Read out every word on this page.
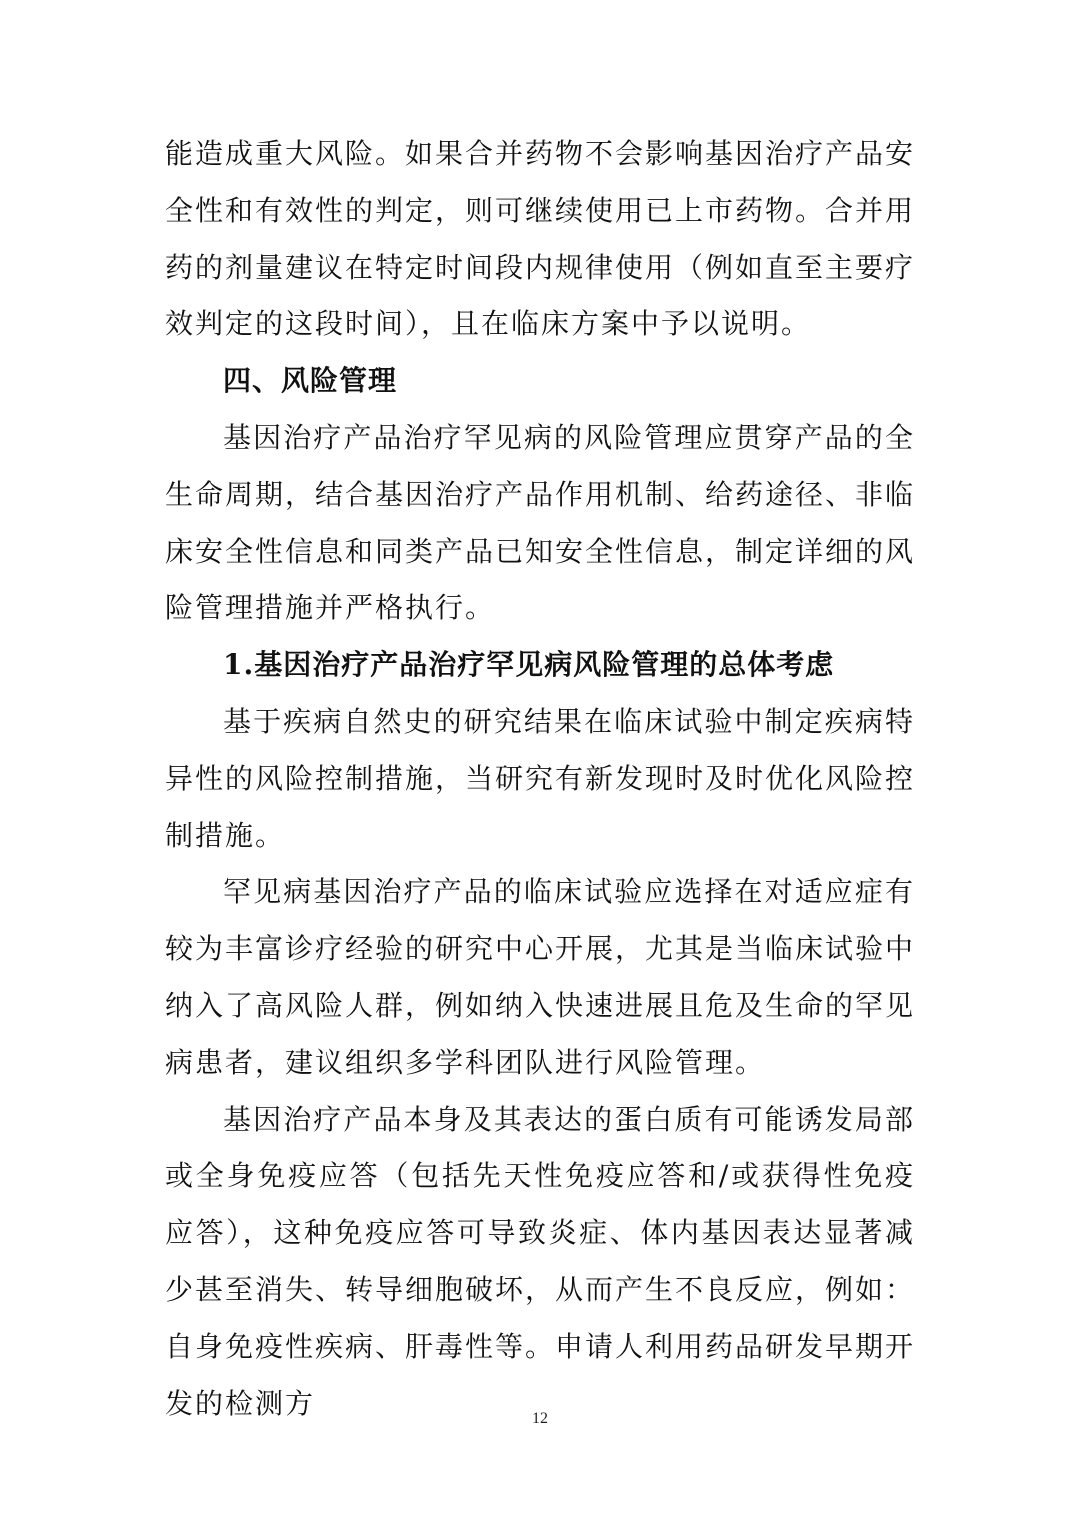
能造成重大风险。如果合并药物不会影响基因治疗产品安全性和有效性的判定，则可继续使用已上市药物。合并用药的剂量建议在特定时间段内规律使用（例如直至主要疗效判定的这段时间），且在临床方案中予以说明。

四、风险管理

基因治疗产品治疗罕见病的风险管理应贯穿产品的全生命周期，结合基因治疗产品作用机制、给药途径、非临床安全性信息和同类产品已知安全性信息，制定详细的风险管理措施并严格执行。

1.基因治疗产品治疗罕见病风险管理的总体考虑

基于疾病自然史的研究结果在临床试验中制定疾病特异性的风险控制措施，当研究有新发现时及时优化风险控制措施。

罕见病基因治疗产品的临床试验应选择在对适应症有较为丰富诊疗经验的研究中心开展，尤其是当临床试验中纳入了高风险人群，例如纳入快速进展且危及生命的罕见病患者，建议组织多学科团队进行风险管理。

基因治疗产品本身及其表达的蛋白质有可能诱发局部或全身免疫应答（包括先天性免疫应答和/或获得性免疫应答），这种免疫应答可导致炎症、体内基因表达显著减少甚至消失、转导细胞破坏，从而产生不良反应，例如：自身免疫性疾病、肝毒性等。申请人利用药品研发早期开发的检测方	12
